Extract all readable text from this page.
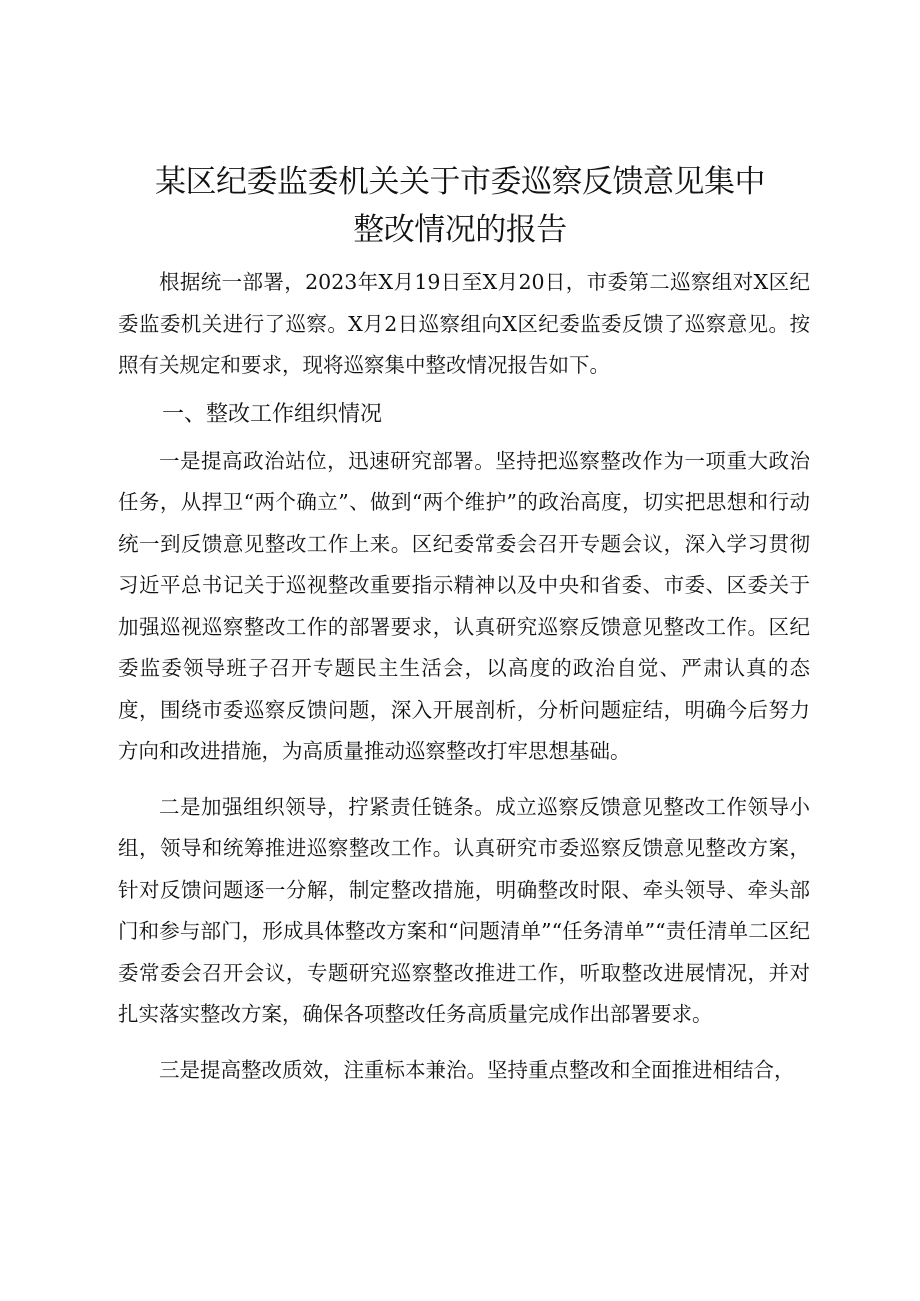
某区纪委监委机关关于市委巡察反馈意见集中
整改情况的报告

根据统一部署，2023年X月19日至X月20日，市委第二巡察组对X区纪委监委机关进行了巡察。X月2日巡察组向X区纪委监委反馈了巡察意见。按照有关规定和要求，现将巡察集中整改情况报告如下。

一、整改工作组织情况

一是提高政治站位，迅速研究部署。坚持把巡察整改作为一项重大政治任务，从捍卫“两个确立”、做到“两个维护”的政治高度，切实把思想和行动统一到反馈意见整改工作上来。区纪委常委会召开专题会议，深入学习贯彻习近平总书记关于巡视整改重要指示精神以及中央和省委、市委、区委关于加强巡视巡察整改工作的部署要求，认真研究巡察反馈意见整改工作。区纪委监委领导班子召开专题民主生活会，以高度的政治自觉、严肃认真的态度，围绕市委巡察反馈问题，深入开展剖析，分析问题症结，明确今后努力方向和改进措施，为高质量推动巡察整改打牢思想基础。

二是加强组织领导，拧紧责任链条。成立巡察反馈意见整改工作领导小组，领导和统筹推进巡察整改工作。认真研究市委巡察反馈意见整改方案，针对反馈问题逐一分解，制定整改措施，明确整改时限、牵头领导、牵头部门和参与部门，形成具体整改方案和“问题清单”“任务清单”“责任清单二区纪委常委会召开会议，专题研究巡察整改推进工作，听取整改进展情况，并对扎实落实整改方案，确保各项整改任务高质量完成作出部署要求。

三是提高整改质效，注重标本兼治。坚持重点整改和全面推进相结合，
